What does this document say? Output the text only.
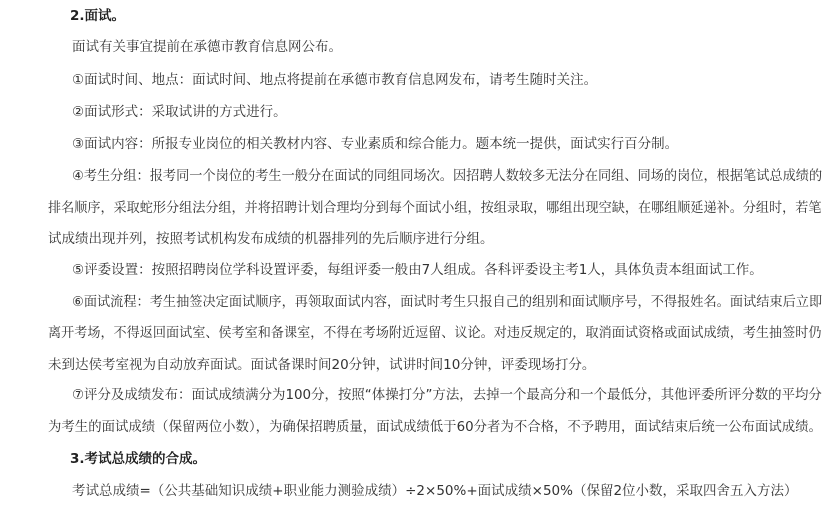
2.面试。
面试有关事宜提前在承德市教育信息网公布。
①面试时间、地点：面试时间、地点将提前在承德市教育信息网发布，请考生随时关注。
②面试形式：采取试讲的方式进行。
③面试内容：所报专业岗位的相关教材内容、专业素质和综合能力。题本统一提供，面试实行百分制。
④考生分组：报考同一个岗位的考生一般分在面试的同组同场次。因招聘人数较多无法分在同组、同场的岗位，根据笔试总成绩的
排名顺序，采取蛇形分组法分组，并将招聘计划合理均分到每个面试小组，按组录取，哪组出现空缺，在哪组顺延递补。分组时，若笔
试成绩出现并列，按照考试机构发布成绩的机器排列的先后顺序进行分组。
⑤评委设置：按照招聘岗位学科设置评委，每组评委一般由7人组成。各科评委设主考1人，具体负责本组面试工作。
⑥面试流程：考生抽签决定面试顺序，再领取面试内容，面试时考生只报自己的组别和面试顺序号，不得报姓名。面试结束后立即
离开考场，不得返回面试室、侯考室和备课室，不得在考场附近逗留、议论。对违反规定的，取消面试资格或面试成绩，考生抽签时仍
未到达侯考室视为自动放弃面试。面试备课时间20分钟，试讲时间10分钟，评委现场打分。
⑦评分及成绩发布：面试成绩满分为100分，按照“体操打分”方法，去掉一个最高分和一个最低分，其他评委所评分数的平均分
为考生的面试成绩（保留两位小数），为确保招聘质量，面试成绩低于60分者为不合格，不予聘用，面试结束后统一公布面试成绩。
3.考试总成绩的合成。
考试总成绩=（公共基础知识成绩+职业能力测验成绩）÷2×50%+面试成绩×50%（保留2位小数，采取四舍五入方法）
